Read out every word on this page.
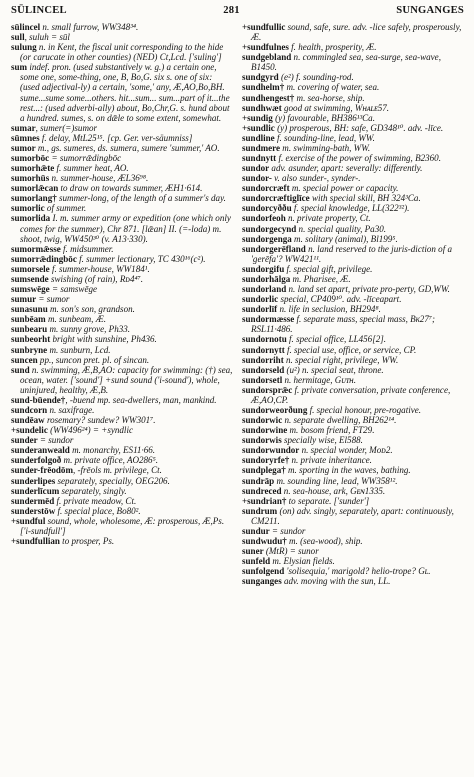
SŪLINCEL	281	SUNGANGES
sūlincel n. small furrow, WW348³⁴.
sull, suluh = sūl
sulung n. in Kent, the fiscal unit corresponding to the hide (or carucate in other counties) (NED) Ct,Lcd. ['suling']
sum indef. pron. (used substantively w. g.) a certain one, some one, some-thing, one, B, Bo,G. six s. one of six: (used adjectival-ly) a certain, 'some,' any, Æ,AO,Bo,BH. sume...sume some...others. hit...sum... sum...part of it...the rest...: (used adverbi-ally) about, Bo,Chr,G. s. hund about a hundred. sumes, s. on dǣle to some extent, somewhat.
sumar, sumer(=)sumor
sūmnes f. delay, MtL25¹⁵. [cp. Ger. ver-säumniss]
sumor m., gs. sumeres, ds. sumera, sumere 'summer,' AO.
sumorbōc = sumorrǣdingbōc
sumorhǣte f. summer heat, AO.
sumorhūs n. summer-house, ÆL36⁹⁸.
sumorlǣcan to draw on towards summer, ÆH1·614.
sumorlang† summer-long, of the length of a summer's day.
sumorlic of summer.
sumorlida I. m. summer army or expedition (one which only comes for the summer), Chr 871. [lǣan] II. (=-loda) m. shoot, twig, WW450³⁰ (v. A13·330).
sumormǣsse f. midsummer.
sumorrǣdingbōc f. summer lectionary, TC 430¹⁶(c²).
sumorsele f. summer-house, WW184¹.
sumsende swishing (of rain), Rᴅ4⁴⁷.
sumswēge = samswēge
sumur = sumor
sunasunu m. son's son, grandson.
sunbēam m. sunbeam, Æ.
sunbearu m. sunny grove, Ph33.
sunbeorht bright with sunshine, Ph436.
sunbryne m. sunburn, Lcd.
suncen pp., suncon pret. pl. of sincan.
sund n. swimming, Æ,B,AO: capacity for swimming: (†) sea, ocean, water. ['sound'] +sund sound ('i-sound'), whole, uninjured, healthy, Æ,B.
sund-būende†, -buend mp. sea-dwellers, man, mankind.
sundcorn n. saxifrage.
sundēaw rosemary? sundew? WW301⁷.
+sundelic (WW496²⁴) = +syndlic
sunder = sundor
sunderanweald m. monarchy, ES11·66.
sunderfolgoð m. private office, AO286⁵.
sunder-frēodōm, -frēols m. privilege, Ct.
sunderlipes separately, specially, OEG206.
sunderlīcum separately, singly.
sundermēd f. private meadow, Ct.
sunderstōw f. special place, Bo80².
+sundful sound, whole, wholesome, Æ: prosperous, Æ,Ps. ['i-sundfull']
+sundfullian to prosper, Ps.
+sundfullic sound, safe, sure. adv. -lice safely, prosperously, Æ.
+sundfulnes f. health, prosperity, Æ.
sundgebland n. commingled sea, sea-surge, sea-wave, B1450.
sundgyrd (e²) f. sounding-rod.
sundhelm† m. covering of water, sea.
sundhengest† m. sea-horse, ship.
sundhwæt good at swimming, Wʜᴀʟᴇ57.
+sundig (y) favourable, BH386¹³Ca.
+sundlic (y) prosperous, BH: safe, GD348¹⁰. adv. -līce.
sundline f. sounding-line, lead, WW.
sundmere m. swimming-bath, WW.
sundnytt f. exercise of the power of swimming, B2360.
sundor adv. asunder, apart: severally: differently.
sundor- v. also sunder-, synder-.
sundorcræft m. special power or capacity.
sundorcræftiglīce with special skill, BH 324³Ca.
sundorcyððu f. special knowledge, LL(322³²).
sundorfeoh n. private property, Ct.
sundorgecynd n. special quality, Pa30.
sundorgenga m. solitary (animal), Bl199⁵.
sundorgerēfland n. land reserved to the juris-diction of a 'gerēfa'? WW421¹¹.
sundorgifu f. special gift, privilege.
sundorhālga m. Pharisee, Æ.
sundorland n. land set apart, private pro-perty, GD,WW.
sundorlic special, CP409¹⁰. adv. -līceapart.
sundorlīf n. life in seclusion, BH294⁸.
sundormæsse f. separate mass, special mass, Bᴋ27⁷; RSL11·486.
sundornotu f. special office, LL456[2].
sundornytt f. special use, office, or service, CP.
sundorriht n. special right, privilege, WW.
sundorseld (u²) n. special seat, throne.
sundorsetl n. hermitage, Gᴜᴛʜ.
sundorsprǣc f. private conversation, private conference, Æ,AO,CP.
sundorweorðung f. special honour, pre-rogative.
sundorwic n. separate dwelling, BH262¹⁴.
sundorwine m. bosom friend, FT29.
sundorwis specially wise, El588.
sundorwundor n. special wonder, Mᴏᴅ2.
sundoryrfe† n. private inheritance.
sundplega† m. sporting in the waves, bathing.
sundrāp m. sounding line, lead, WW358¹².
sundreced n. sea-house, ark, Gᴇɴ1335.
+sundrian† to separate. ['sunder']
sundrum (on) adv. singly, separately, apart: continuously, CM211.
sundur = sundor
sundwudu† m. (sea-wood), ship.
suner (MtR) = sunor
sunfeld m. Elysian fields.
sunfolgend 'solisequia,' marigold? helio-trope? Gʟ.
sunganges adv. moving with the sun, LL.
